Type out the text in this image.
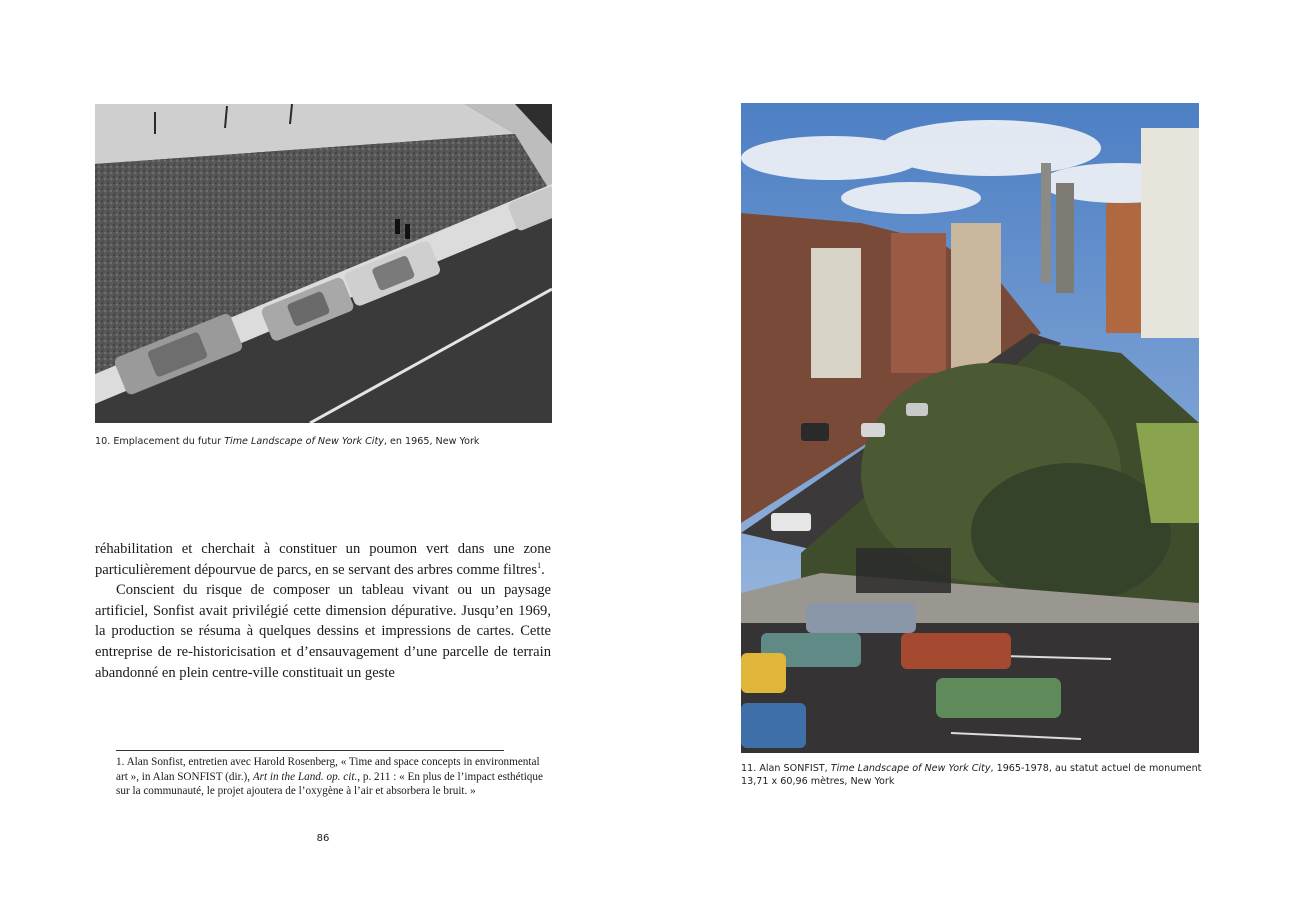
10. Emplacement du futur Time Landscape of New York City, en 1965, New York

réhabilitation et cherchait à constituer un poumon vert dans une zone particulièrement dépourvue de parcs, en se servant des arbres comme filtres$^1$.

Conscient du risque de composer un tableau vivant ou un paysage artificiel, Sonfist avait privilégié cette dimension dépurative. Jusqu’en 1969, la production se résuma à quelques dessins et impressions de cartes. Cette entreprise de re-historicisation et d’ensauvagement d’une parcelle de terrain abandonné en plein centre-ville constituait un geste

1. Alan Sonfist, entretien avec Harold Rosenberg, « Time and space concepts in environmental art », in Alan SONFIST (dir.), Art in the Land. op. cit., p. 211 : « En plus de l’impact esthétique sur la communauté, le projet ajoutera de l’oxygène à l’air et absorbera le bruit. »
86
11. Alan SONFIST, Time Landscape of New York City, 1965-1978, au statut actuel de monument 13,71 x 60,96 mètres, New York
